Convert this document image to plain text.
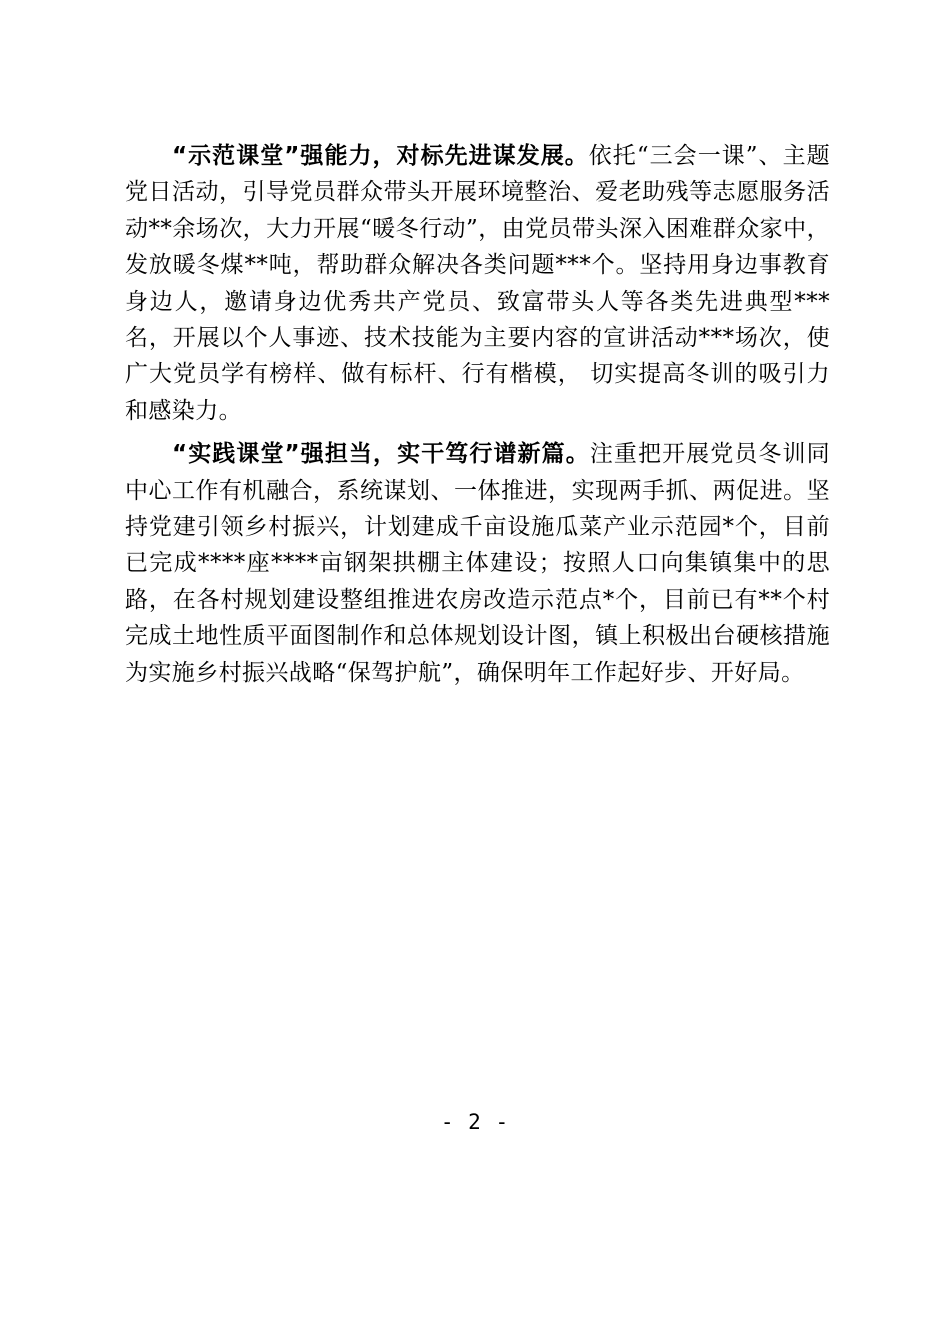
“示范课堂”强能力，对标先进谋发展。依托“三会一课”、主题党日活动，引导党员群众带头开展环境整治、爱老助残等志愿服务活动**余场次，大力开展“暖冬行动”，由党员带头深入困难群众家中，发放暖冬煤**吨，帮助群众解决各类问题***个。坚持用身边事教育身边人，邀请身边优秀共产党员、致富带头人等各类先进典型***名，开展以个人事迹、技术技能为主要内容的宣讲活动***场次，使广大党员学有榜样、做有标杆、行有楷模， 切实提高冬训的吸引力和感染力。

“实践课堂”强担当，实干笃行谱新篇。注重把开展党员冬训同中心工作有机融合，系统谋划、一体推进，实现两手抓、两促进。坚持党建引领乡村振兴，计划建成千亩设施瓜菜产业示范园*个，目前已完成****座****亩钢架拱棚主体建设；按照人口向集镇集中的思路，在各村规划建设整组推进农房改造示范点*个，目前已有**个村完成土地性质平面图制作和总体规划设计图，镇上积极出台硬核措施为实施乡村振兴战略“保驾护航”，确保明年工作起好步、开好局。

- 2 -
